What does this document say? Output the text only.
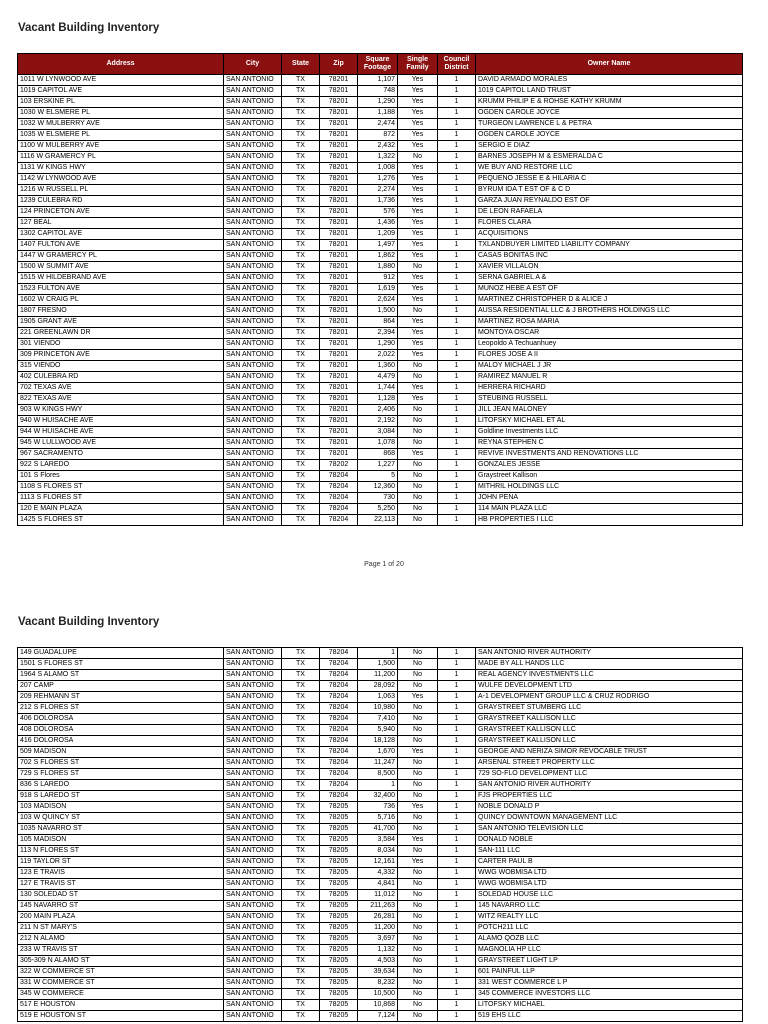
Vacant Building Inventory
Address	City	State	Zip	Square Footage	Single Family	Council District	Owner Name
1011 W LYNWOOD AVE	SAN ANTONIO	TX	78201	1,107	Yes	1	DAVID ARMADO MORALES
1019 CAPITOL AVE	SAN ANTONIO	TX	78201	748	Yes	1	1019 CAPITOL LAND TRUST
103 ERSKINE PL	SAN ANTONIO	TX	78201	1,290	Yes	1	KRUMM PHILIP E & ROHSE KATHY KRUMM
1030 W ELSMERE PL	SAN ANTONIO	TX	78201	1,188	Yes	1	OGDEN CAROLE JOYCE
1032 W MULBERRY AVE	SAN ANTONIO	TX	78201	2,474	Yes	1	TURGEON LAWRENCE L & PETRA
1035 W ELSMERE PL	SAN ANTONIO	TX	78201	872	Yes	1	OGDEN CAROLE JOYCE
1100 W MULBERRY AVE	SAN ANTONIO	TX	78201	2,432	Yes	1	SERGIO E DIAZ
1116 W GRAMERCY PL	SAN ANTONIO	TX	78201	1,322	No	1	BARNES JOSEPH M & ESMERALDA C
1131 W KINGS HWY	SAN ANTONIO	TX	78201	1,008	Yes	1	WE BUY AND RESTORE LLC
1142 W LYNWOOD AVE	SAN ANTONIO	TX	78201	1,276	Yes	1	PEQUENO JESSE E & HILARIA C
1216 W RUSSELL PL	SAN ANTONIO	TX	78201	2,274	Yes	1	BYRUM IDA T EST OF & C D
1239 CULEBRA RD	SAN ANTONIO	TX	78201	1,736	Yes	1	GARZA JUAN REYNALDO EST OF
124 PRINCETON AVE	SAN ANTONIO	TX	78201	576	Yes	1	DE LEON RAFAELA
127 BEAL	SAN ANTONIO	TX	78201	1,436	Yes	1	FLORES CLARA
1302 CAPITOL AVE	SAN ANTONIO	TX	78201	1,209	Yes	1	ACQUISITIONS
1407 FULTON AVE	SAN ANTONIO	TX	78201	1,497	Yes	1	TXLANDBUYER LIMITED LIABILITY COMPANY
1447 W GRAMERCY PL	SAN ANTONIO	TX	78201	1,862	Yes	1	CASAS BONITAS INC
1500 W SUMMIT AVE	SAN ANTONIO	TX	78201	1,880	No	1	XAVIER VILLALON
1515 W HILDEBRAND AVE	SAN ANTONIO	TX	78201	912	Yes	1	SERNA GABRIEL A &
1523 FULTON AVE	SAN ANTONIO	TX	78201	1,619	Yes	1	MUNOZ HEBE A EST OF
1602 W CRAIG PL	SAN ANTONIO	TX	78201	2,624	Yes	1	MARTINEZ CHRISTOPHER D & ALICE J
1807 FRESNO	SAN ANTONIO	TX	78201	1,500	No	1	AUSSA RESIDENTIAL LLC & J BROTHERS HOLDINGS LLC
1905 GRANT AVE	SAN ANTONIO	TX	78201	864	Yes	1	MARTINEZ ROSA MARIA
221 GREENLAWN DR	SAN ANTONIO	TX	78201	2,394	Yes	1	MONTOYA OSCAR
301 VIENDO	SAN ANTONIO	TX	78201	1,290	Yes	1	Leopoldo A Techuanhuey
309 PRINCETON AVE	SAN ANTONIO	TX	78201	2,022	Yes	1	FLORES JOSE A II
315 VIENDO	SAN ANTONIO	TX	78201	1,360	No	1	MALOY MICHAEL J JR
402 CULEBRA RD	SAN ANTONIO	TX	78201	4,479	No	1	RAMIREZ MANUEL R
702 TEXAS AVE	SAN ANTONIO	TX	78201	1,744	Yes	1	HERRERA RICHARD
822 TEXAS AVE	SAN ANTONIO	TX	78201	1,128	Yes	1	STEUBING RUSSELL
903 W KINGS HWY	SAN ANTONIO	TX	78201	2,406	No	1	JILL JEAN MALONEY
940 W HUISACHE AVE	SAN ANTONIO	TX	78201	2,192	No	1	LITOFSKY MICHAEL ET AL
944 W HUISACHE AVE	SAN ANTONIO	TX	78201	3,084	No	1	Goldline Investments LLC
945 W LULLWOOD AVE	SAN ANTONIO	TX	78201	1,078	No	1	REYNA STEPHEN C
967 SACRAMENTO	SAN ANTONIO	TX	78201	868	Yes	1	REVIVE INVESTMENTS AND RENOVATIONS LLC
922 S LAREDO	SAN ANTONIO	TX	78202	1,227	No	1	GONZALES JESSE
101 S Flores	SAN ANTONIO	TX	78204	5	No	1	Graystreet Kallison
1108 S FLORES ST	SAN ANTONIO	TX	78204	12,360	No	1	MITHRIL HOLDINGS LLC
1113 S FLORES ST	SAN ANTONIO	TX	78204	730	No	1	JOHN PENA
120 E MAIN PLAZA	SAN ANTONIO	TX	78204	5,250	No	1	114 MAIN PLAZA LLC
1425 S FLORES ST	SAN ANTONIO	TX	78204	22,113	No	1	HB PROPERTIES I LLC
Page 1 of 20
Vacant Building Inventory
149 GUADALUPE	SAN ANTONIO	TX	78204	1	No	1	SAN ANTONIO RIVER AUTHORITY
1501 S FLORES ST	SAN ANTONIO	TX	78204	1,500	No	1	MADE BY ALL HANDS LLC
1964 S ALAMO ST	SAN ANTONIO	TX	78204	11,200	No	1	REAL AGENCY INVESTMENTS LLC
207 CAMP	SAN ANTONIO	TX	78204	28,092	No	1	WULFE DEVELOPMENT LTD
209 REHMANN ST	SAN ANTONIO	TX	78204	1,063	Yes	1	A-1 DEVELOPMENT GROUP LLC & CRUZ RODRIGO
212 S FLORES ST	SAN ANTONIO	TX	78204	10,980	No	1	GRAYSTREET STUMBERG LLC
406 DOLOROSA	SAN ANTONIO	TX	78204	7,410	No	1	GRAYSTREET KALLISON LLC
408 DOLOROSA	SAN ANTONIO	TX	78204	5,940	No	1	GRAYSTREET KALLISON LLC
416 DOLOROSA	SAN ANTONIO	TX	78204	18,128	No	1	GRAYSTREET KALLISON LLC
509 MADISON	SAN ANTONIO	TX	78204	1,670	Yes	1	GEORGE AND NERIZA SIMOR REVOCABLE TRUST
702 S FLORES ST	SAN ANTONIO	TX	78204	11,247	No	1	ARSENAL STREET PROPERTY LLC
729 S FLORES ST	SAN ANTONIO	TX	78204	8,500	No	1	729 SO-FLO DEVELOPMENT LLC
836 S LAREDO	SAN ANTONIO	TX	78204	1	No	1	SAN ANTONIO RIVER AUTHORITY
918 S LAREDO ST	SAN ANTONIO	TX	78204	32,400	No	1	FJS PROPERTIES LLC
103 MADISON	SAN ANTONIO	TX	78205	736	Yes	1	NOBLE DONALD P
103 W QUINCY ST	SAN ANTONIO	TX	78205	5,716	No	1	QUINCY DOWNTOWN MANAGEMENT LLC
1035 NAVARRO ST	SAN ANTONIO	TX	78205	41,700	No	1	SAN ANTONIO TELEVISION LLC
105 MADISON	SAN ANTONIO	TX	78205	3,584	Yes	1	DONALD NOBLE
113 N FLORES ST	SAN ANTONIO	TX	78205	8,034	No	1	SAN-111 LLC
119 TAYLOR ST	SAN ANTONIO	TX	78205	12,161	Yes	1	CARTER PAUL B
123 E TRAVIS	SAN ANTONIO	TX	78205	4,332	No	1	WWG WOBMISA LTD
127 E TRAVIS ST	SAN ANTONIO	TX	78205	4,841	No	1	WWG WOBMISA LTD
130 SOLEDAD ST	SAN ANTONIO	TX	78205	11,012	No	1	SOLEDAD HOUSE LLC
145 NAVARRO ST	SAN ANTONIO	TX	78205	211,263	No	1	145 NAVARRO LLC
200 MAIN PLAZA	SAN ANTONIO	TX	78205	26,281	No	1	WITZ REALTY LLC
211 N ST MARY'S	SAN ANTONIO	TX	78205	11,200	No	1	POTCH211 LLC
212 N ALAMO	SAN ANTONIO	TX	78205	3,697	No	1	ALAMO QOZB LLC
233 W TRAVIS ST	SAN ANTONIO	TX	78205	1,132	No	1	MAGNOLIA HP LLC
305-309 N ALAMO ST	SAN ANTONIO	TX	78205	4,503	No	1	GRAYSTREET LIGHT LP
322 W COMMERCE ST	SAN ANTONIO	TX	78205	39,634	No	1	601 PAINFUL LLP
331 W COMMERCE ST	SAN ANTONIO	TX	78205	8,232	No	1	331 WEST COMMERCE L P
345 W COMMERCE	SAN ANTONIO	TX	78205	10,500	No	1	345 COMMERCE INVESTORS LLC
517 E HOUSTON	SAN ANTONIO	TX	78205	10,868	No	1	LITOFSKY MICHAEL
519 E HOUSTON ST	SAN ANTONIO	TX	78205	7,124	No	1	519 EHS LLC
